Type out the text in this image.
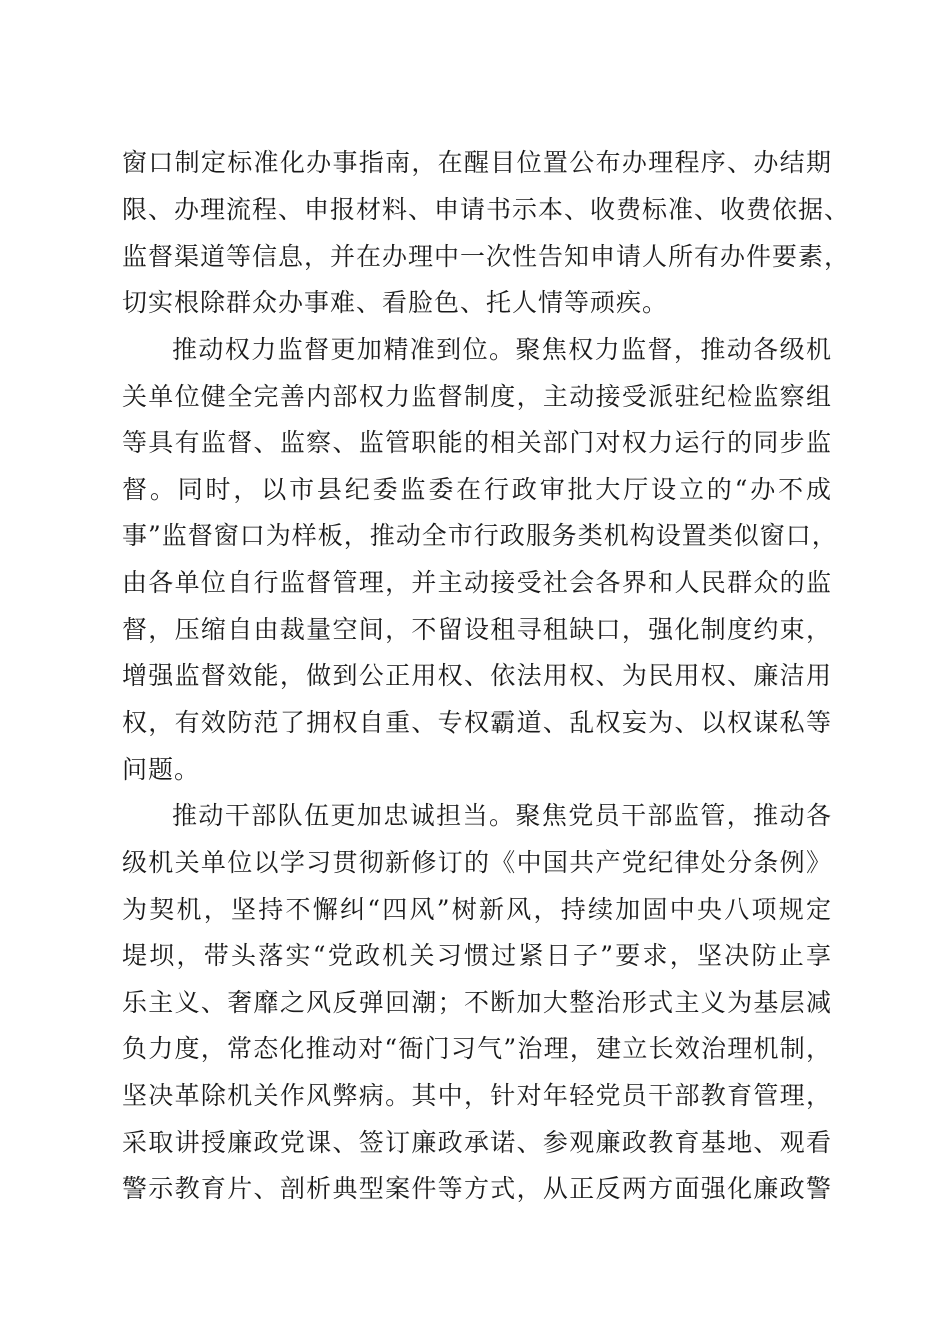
窗口制定标准化办事指南，在醒目位置公布办理程序、办结期
限、办理流程、申报材料、申请书示本、收费标准、收费依据、
监督渠道等信息，并在办理中一次性告知申请人所有办件要素，
切实根除群众办事难、看脸色、托人情等顽疾。
推动权力监督更加精准到位。聚焦权力监督，推动各级机
关单位健全完善内部权力监督制度，主动接受派驻纪检监察组
等具有监督、监察、监管职能的相关部门对权力运行的同步监
督。同时，以市县纪委监委在行政审批大厅设立的“办不成
事”监督窗口为样板，推动全市行政服务类机构设置类似窗口，
由各单位自行监督管理，并主动接受社会各界和人民群众的监
督，压缩自由裁量空间，不留设租寻租缺口，强化制度约束，
增强监督效能，做到公正用权、依法用权、为民用权、廉洁用
权，有效防范了拥权自重、专权霸道、乱权妄为、以权谋私等
问题。
推动干部队伍更加忠诚担当。聚焦党员干部监管，推动各
级机关单位以学习贯彻新修订的《中国共产党纪律处分条例》
为契机，坚持不懈纠“四风”树新风，持续加固中央八项规定
堤坝，带头落实“党政机关习惯过紧日子”要求，坚决防止享
乐主义、奢靡之风反弹回潮；不断加大整治形式主义为基层减
负力度，常态化推动对“衙门习气”治理，建立长效治理机制，
坚决革除机关作风弊病。其中，针对年轻党员干部教育管理，
采取讲授廉政党课、签订廉政承诺、参观廉政教育基地、观看
警示教育片、剖析典型案件等方式，从正反两方面强化廉政警
